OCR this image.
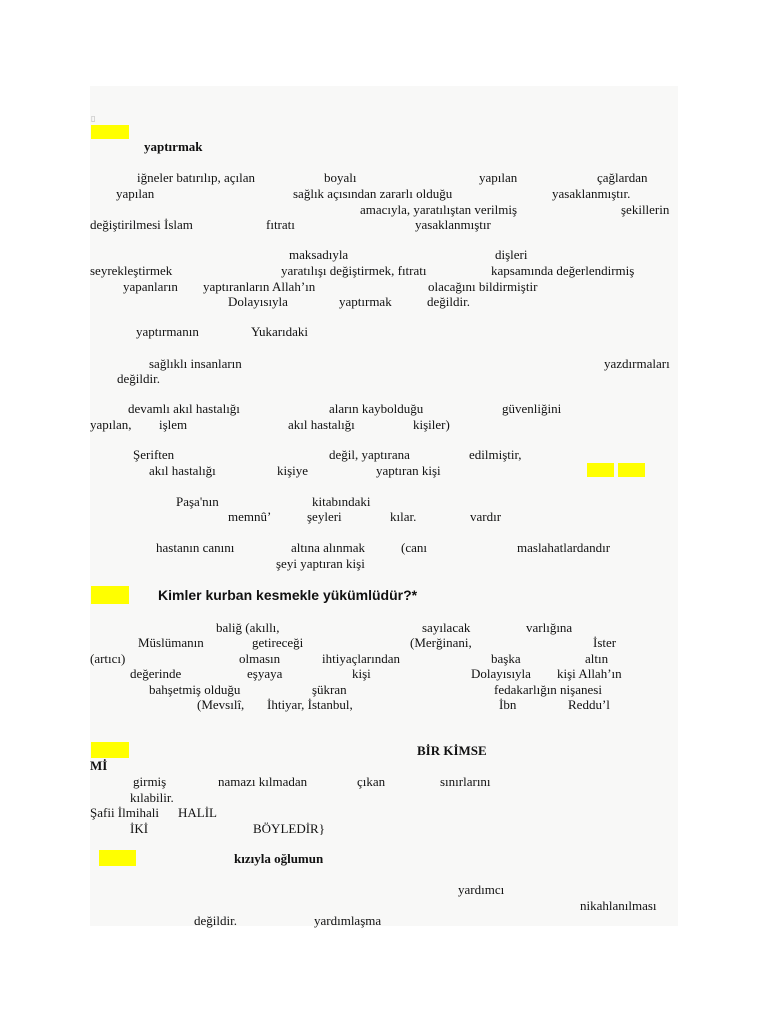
▯
yaptırmak
iğneler batırılıp, açılan	boyalı	yapılan	çağlardan
yapılan	sağlık açısından zararlı olduğu	yasaklanmıştır.
amacıyla, yaratılıştan verilmiş	şekillerin
değiştirilmesi İslam	fıtratı	yasaklanmıştır
maksadıyla	dişleri
seyrekleştirmek	yaratılışı değiştirmek, fıtratı	kapsamında değerlendirmiş
yapanların yaptıranların Allah’ın	olacağını bildirmiştir
Dolayısıyla	yaptırmak	değildir.
yaptırmanın	Yukarıdaki
sağlıklı insanların	yazdırmaları
değildir.
devamlı akıl hastalığı	aların kaybolduğu	güvenliğini
yapılan, işlem	akıl hastalığı	kişiler)
Şeriften	değil, yaptırana	edilmiştir,
akıl hastalığı	kişiye	yaptıran kişi
Paşa'nın	kitabındaki
memnû’	şeyleri	kılar.	vardır
hastanın canını	altına alınmak	(canı	maslahatlardandır
şeyi yaptıran kişi
Kimler kurban kesmekle yükümlüdür?*
baliğ (akıllı,	sayılacak	varlığına
Müslümanın	getireceği	(Merğinani,	İster
(artıcı)	olmasın	ihtiyaçlarından	başka	altın
değerinde	eşyaya	kişi	Dolayısıyla kişi Allah’ın
bahşetmiş olduğu	şükran	fedakarlığın nişanesi
(Mevsılî, İhtiyar, İstanbul,	İbn	Reddu’l
BİR KİMSE
Mİ
girmiş	namazı kılmadan	çıkan	sınırlarını
kılabilir.
Şafii İlmihali HALİL
İKİ	BÖYLEDİR}
kızıyla oğlumun
yardımcı
nikahlanılması
değildir.	yardımlaşma
